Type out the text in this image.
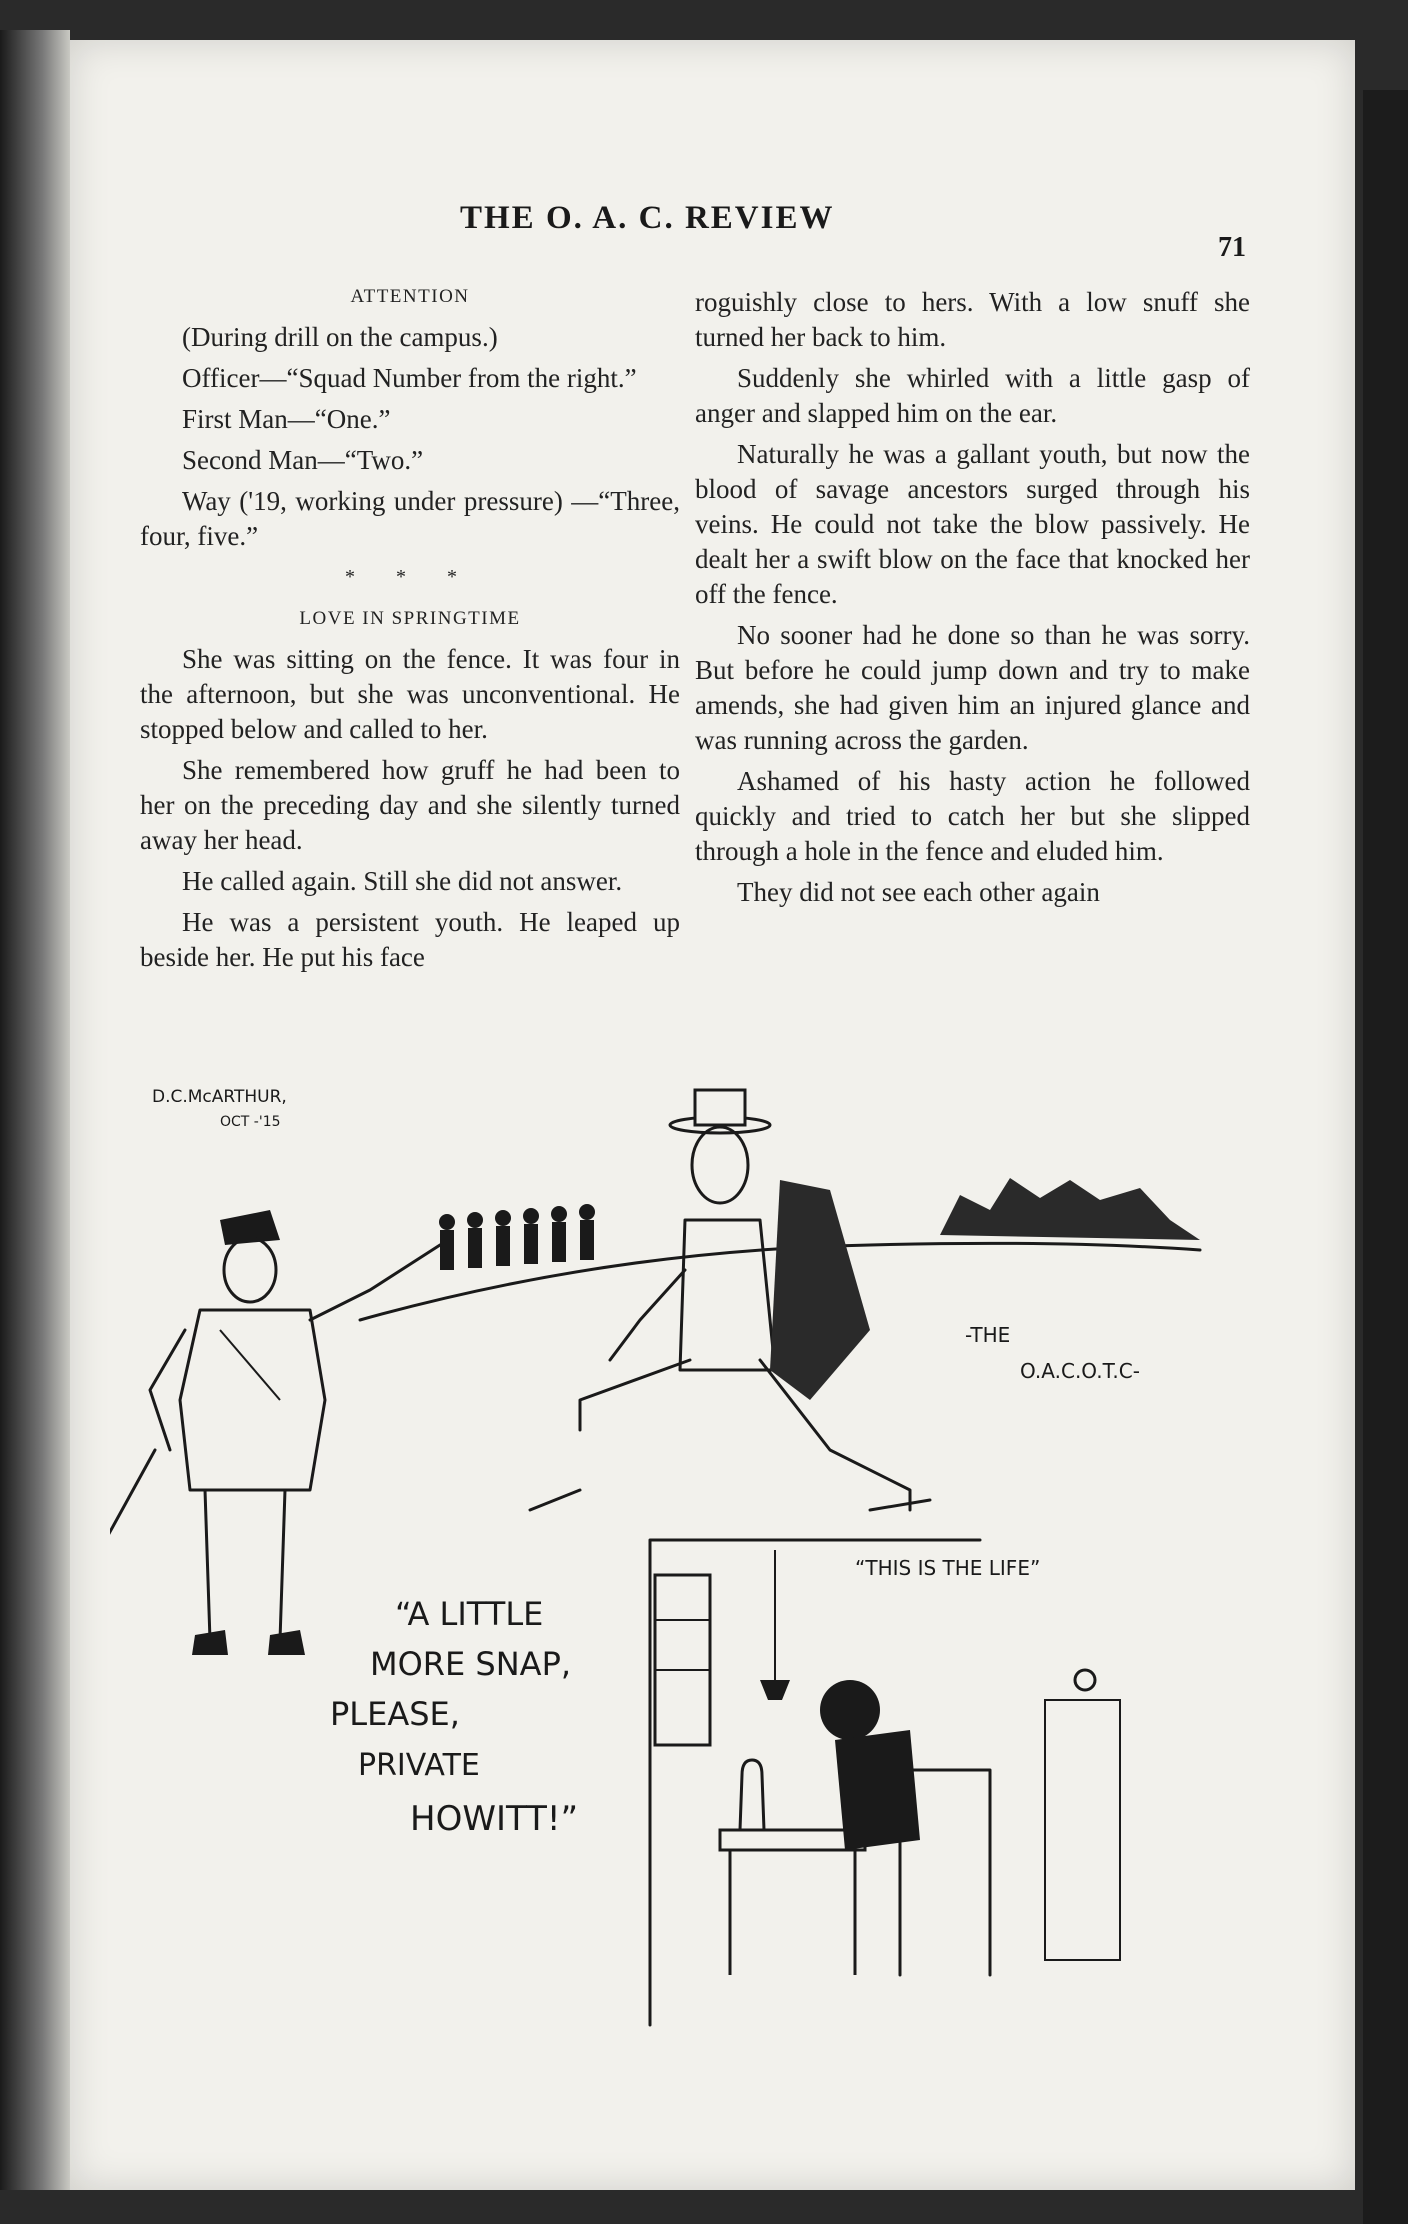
THE O. A. C. REVIEW
71
ATTENTION

(During drill on the campus.)

Officer—“Squad Number from the right.”

First Man—“One.”

Second Man—“Two.”

Way ('19, working under pressure) —“Three, four, five.”

* * *
LOVE IN SPRINGTIME

She was sitting on the fence. It was four in the afternoon, but she was unconventional. He stopped below and called to her.

She remembered how gruff he had been to her on the preceding day and she silently turned away her head.

He called again. Still she did not answer.

He was a persistent youth. He leaped up beside her. He put his face

roguishly close to hers. With a low snuff she turned her back to him.

Suddenly she whirled with a little gasp of anger and slapped him on the ear.

Naturally he was a gallant youth, but now the blood of savage ancestors surged through his veins. He could not take the blow passively. He dealt her a swift blow on the face that knocked her off the fence.

No sooner had he done so than he was sorry. But before he could jump down and try to make amends, she had given him an injured glance and was running across the garden.

Ashamed of his hasty action he followed quickly and tried to catch her but she slipped through a hole in the fence and eluded him.

They did not see each other again

D.C.McARTHUR,
OCT -'15
-THE
O.A.C.O.T.C-
“A LITTLE
MORE SNAP,
PLEASE,
PRIVATE
HOWITT!”
“THIS IS THE LIFE”
